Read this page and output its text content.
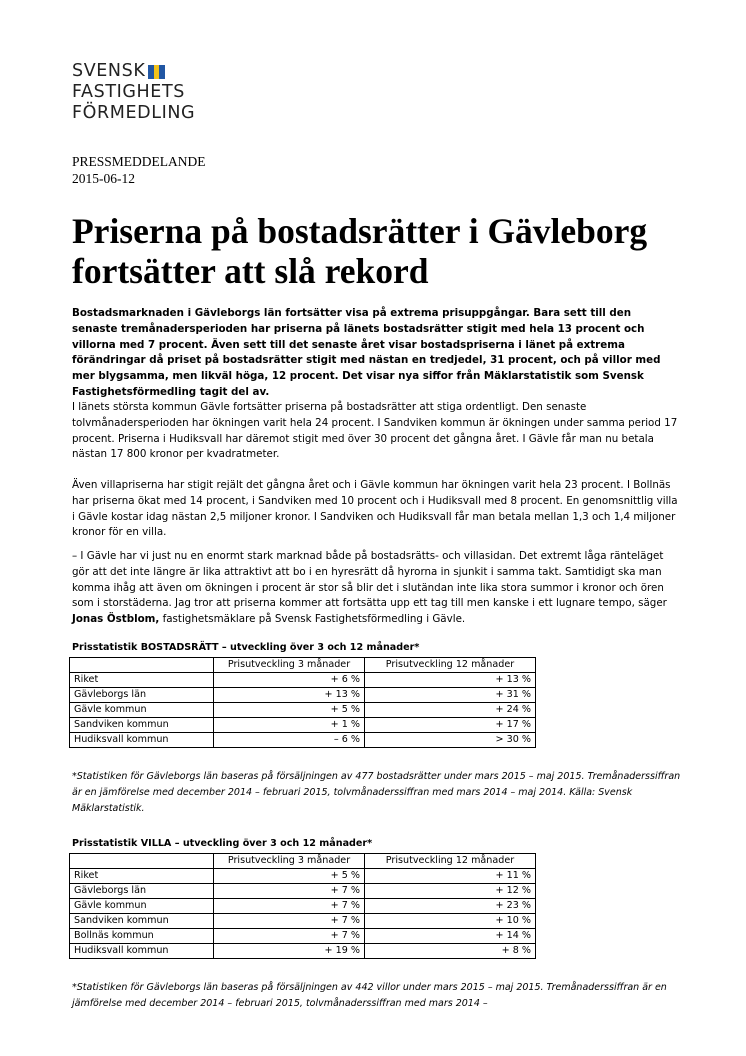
SVENSK
FASTIGHETS
FÖRMEDLING
PRESSMEDDELANDE
2015-06-12
Priserna på bostadsrätter i Gävleborg
fortsätter att slå rekord

Bostadsmarknaden i Gävleborgs län fortsätter visa på extrema prisuppgångar. Bara sett till den senaste tremånadersperioden har priserna på länets bostadsrätter stigit med hela 13 procent och villorna med 7 procent. Även sett till det senaste året visar bostadspriserna i länet på extrema förändringar då priset på bostadsrätter stigit med nästan en tredjedel, 31 procent, och på villor med mer blygsamma, men likväl höga, 12 procent. Det visar nya siffor från Mäklarstatistik som Svensk Fastighetsförmedling tagit del av.

I länets största kommun Gävle fortsätter priserna på bostadsrätter att stiga ordentligt. Den senaste tolvmånadersperioden har ökningen varit hela 24 procent. I Sandviken kommun är ökningen under samma period 17 procent. Priserna i Hudiksvall har däremot stigit med över 30 procent det gångna året. I Gävle får man nu betala nästan 17 800 kronor per kvadratmeter.

Även villapriserna har stigit rejält det gångna året och i Gävle kommun har ökningen varit hela 23 procent. I Bollnäs har priserna ökat med 14 procent, i Sandviken med 10 procent och i Hudiksvall med 8 procent. En genomsnittlig villa i Gävle kostar idag nästan 2,5 miljoner kronor. I Sandviken och Hudiksvall får man betala mellan 1,3 och 1,4 miljoner kronor för en villa.

– I Gävle har vi just nu en enormt stark marknad både på bostadsrätts- och villasidan. Det extremt låga ränteläget gör att det inte längre är lika attraktivt att bo i en hyresrätt då hyrorna in sjunkit i samma takt. Samtidigt ska man komma ihåg att även om ökningen i procent är stor så blir det i slutändan inte lika stora summor i kronor och ören som i storstäderna. Jag tror att priserna kommer att fortsätta upp ett tag till men kanske i ett lugnare tempo, säger
Jonas Östblom, fastighetsmäklare på Svensk Fastighetsförmedling i Gävle.

Prisstatistik BOSTADSRÄTT – utveckling över 3 och 12 månader*
	Prisutveckling 3 månader	Prisutveckling 12 månader
Riket	+ 6 %	+ 13 %
Gävleborgs län	+ 13 %	+ 31 %
Gävle kommun	+ 5 %	+ 24 %
Sandviken kommun	+ 1 %	+ 17 %
Hudiksvall kommun	– 6 %	> 30 %

*Statistiken för Gävleborgs län baseras på försäljningen av 477 bostadsrätter under mars 2015 – maj 2015. Tremånaderssiffran är en jämförelse med december 2014 – februari 2015, tolvmånaderssiffran med mars 2014 – maj 2014. Källa: Svensk Mäklarstatistik.

Prisstatistik VILLA – utveckling över 3 och 12 månader*
	Prisutveckling 3 månader	Prisutveckling 12 månader
Riket	+ 5 %	+ 11 %
Gävleborgs län	+ 7 %	+ 12 %
Gävle kommun	+ 7 %	+ 23 %
Sandviken kommun	+ 7 %	+ 10 %
Bollnäs kommun	+ 7 %	+ 14 %
Hudiksvall kommun	+ 19 %	+ 8 %

*Statistiken för Gävleborgs län baseras på försäljningen av 442 villor under mars 2015 – maj 2015. Tremånaderssiffran är en jämförelse med december 2014 – februari 2015, tolvmånaderssiffran med mars 2014 –
